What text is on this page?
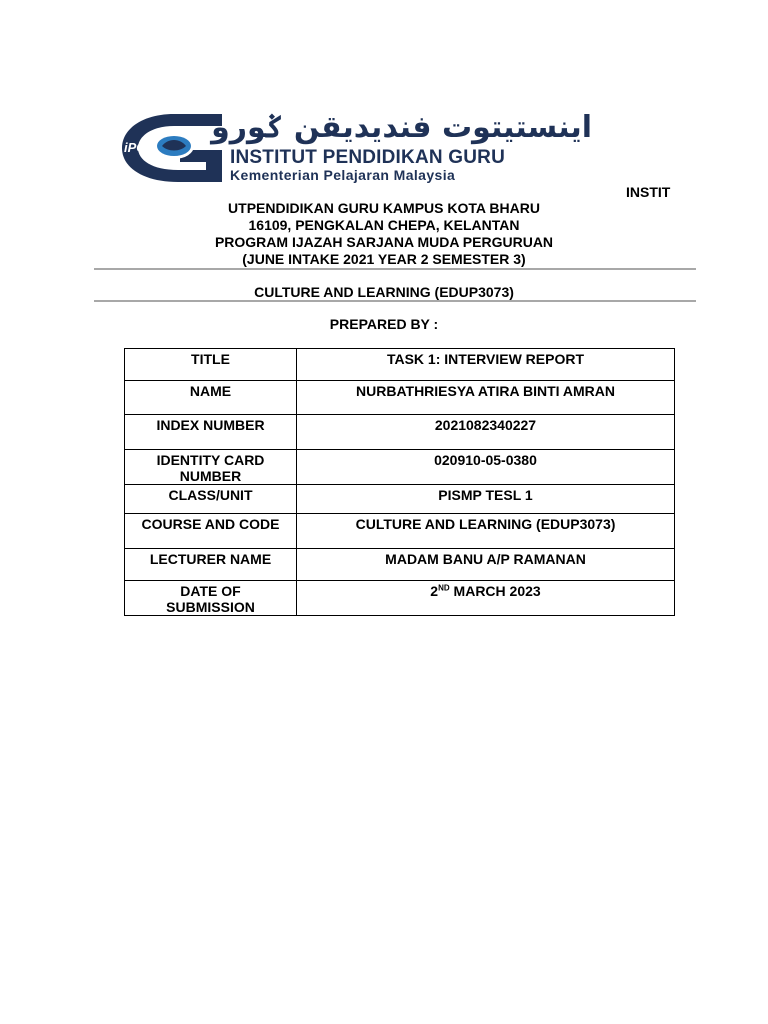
iPG
اينستيتوت فنديديقن ݢورو
INSTITUT PENDIDIKAN GURU
Kementerian Pelajaran Malaysia
INSTIT
UTPENDIDIKAN GURU KAMPUS KOTA BHARU
16109, PENGKALAN CHEPA, KELANTAN
PROGRAM IJAZAH SARJANA MUDA PERGURUAN
(JUNE INTAKE 2021 YEAR 2 SEMESTER 3)
CULTURE AND LEARNING (EDUP3073)
PREPARED BY :
TITLE	TASK 1: INTERVIEW REPORT
NAME	NURBATHRIESYA ATIRA BINTI AMRAN
INDEX NUMBER	2021082340227

IDENTITY CARD
NUMBER	020910-05-0380
CLASS/UNIT	PISMP TESL 1
COURSE AND CODE	CULTURE AND LEARNING (EDUP3073)
LECTURER NAME	MADAM BANU A/P RAMANAN

DATE OF
SUBMISSION	2ND MARCH 2023
